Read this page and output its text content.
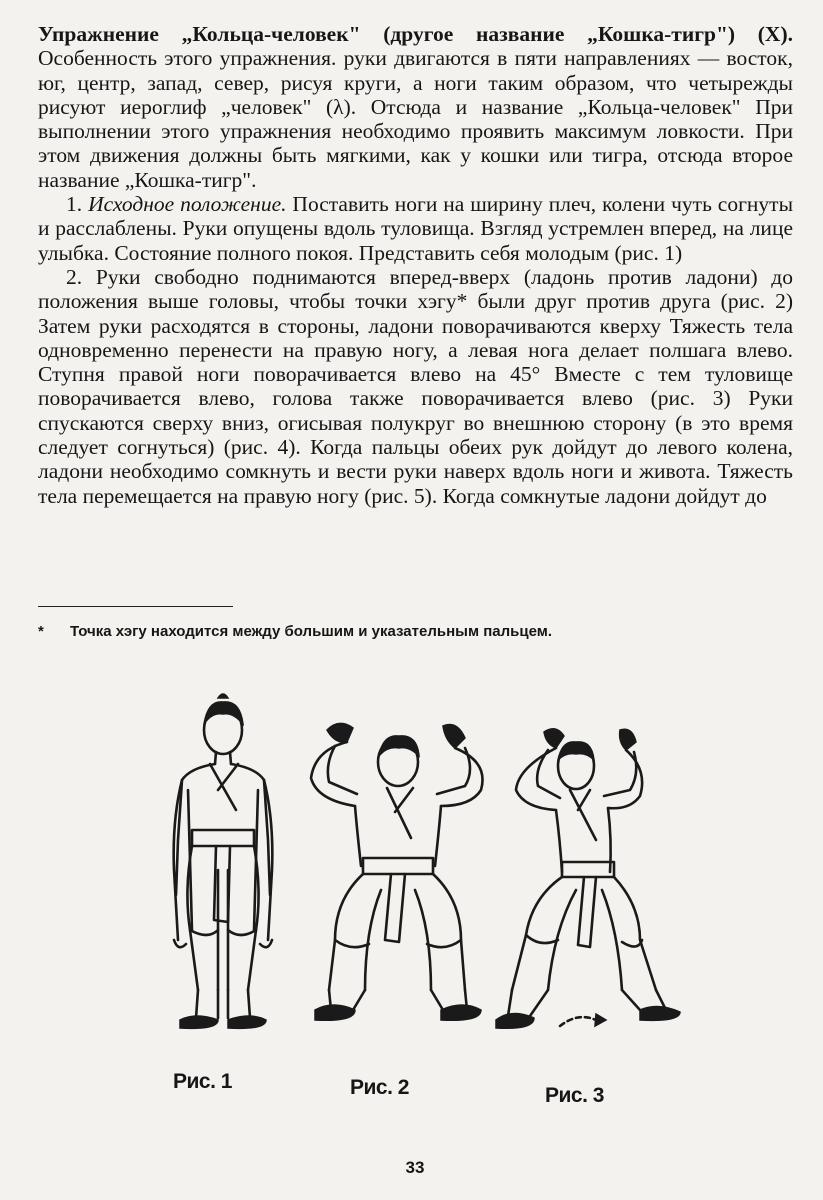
Упражнение „Кольца-человек" (другое название „Кошка-тигр") (X). Особенность этого упражнения. руки двигаются в пяти направлениях — восток, юг, центр, запад, север, рисуя круги, а ноги таким образом, что четырежды рисуют иероглиф „человек" (λ). Отсюда и название „Кольца-человек" При выполнении этого упражнения необходимо проявить максимум ловкости. При этом движения должны быть мягкими, как у кошки или тигра, отсюда второе название „Кошка-тигр".

1. Исходное положение. Поставить ноги на ширину плеч, колени чуть согнуты и расслаблены. Руки опущены вдоль туловища. Взгляд устремлен вперед, на лице улыбка. Состояние полного покоя. Представить себя молодым (рис. 1)

2. Руки свободно поднимаются вперед-вверх (ладонь против ладони) до положения выше головы, чтобы точки хэгу* были друг против друга (рис. 2) Затем руки расходятся в стороны, ладони поворачиваются кверху Тяжесть тела одновременно перенести на правую ногу, а левая нога делает полшага влево. Ступня правой ноги поворачивается влево на 45° Вместе с тем туловище поворачивается влево, голова также поворачивается влево (рис. 3) Руки спускаются сверху вниз, огисывая полукруг во внешнюю сторону (в это время следует согнуться) (рис. 4). Когда пальцы обеих рук дойдут до левого колена, ладони необходимо сомкнуть и вести руки наверх вдоль ноги и живота. Тяжесть тела перемещается на правую ногу (рис. 5). Когда сомкнутые ладони дойдут до

* Точка хэгу находится между большим и указательным пальцем.
Рис. 1	Рис. 2	Рис. 3
33
